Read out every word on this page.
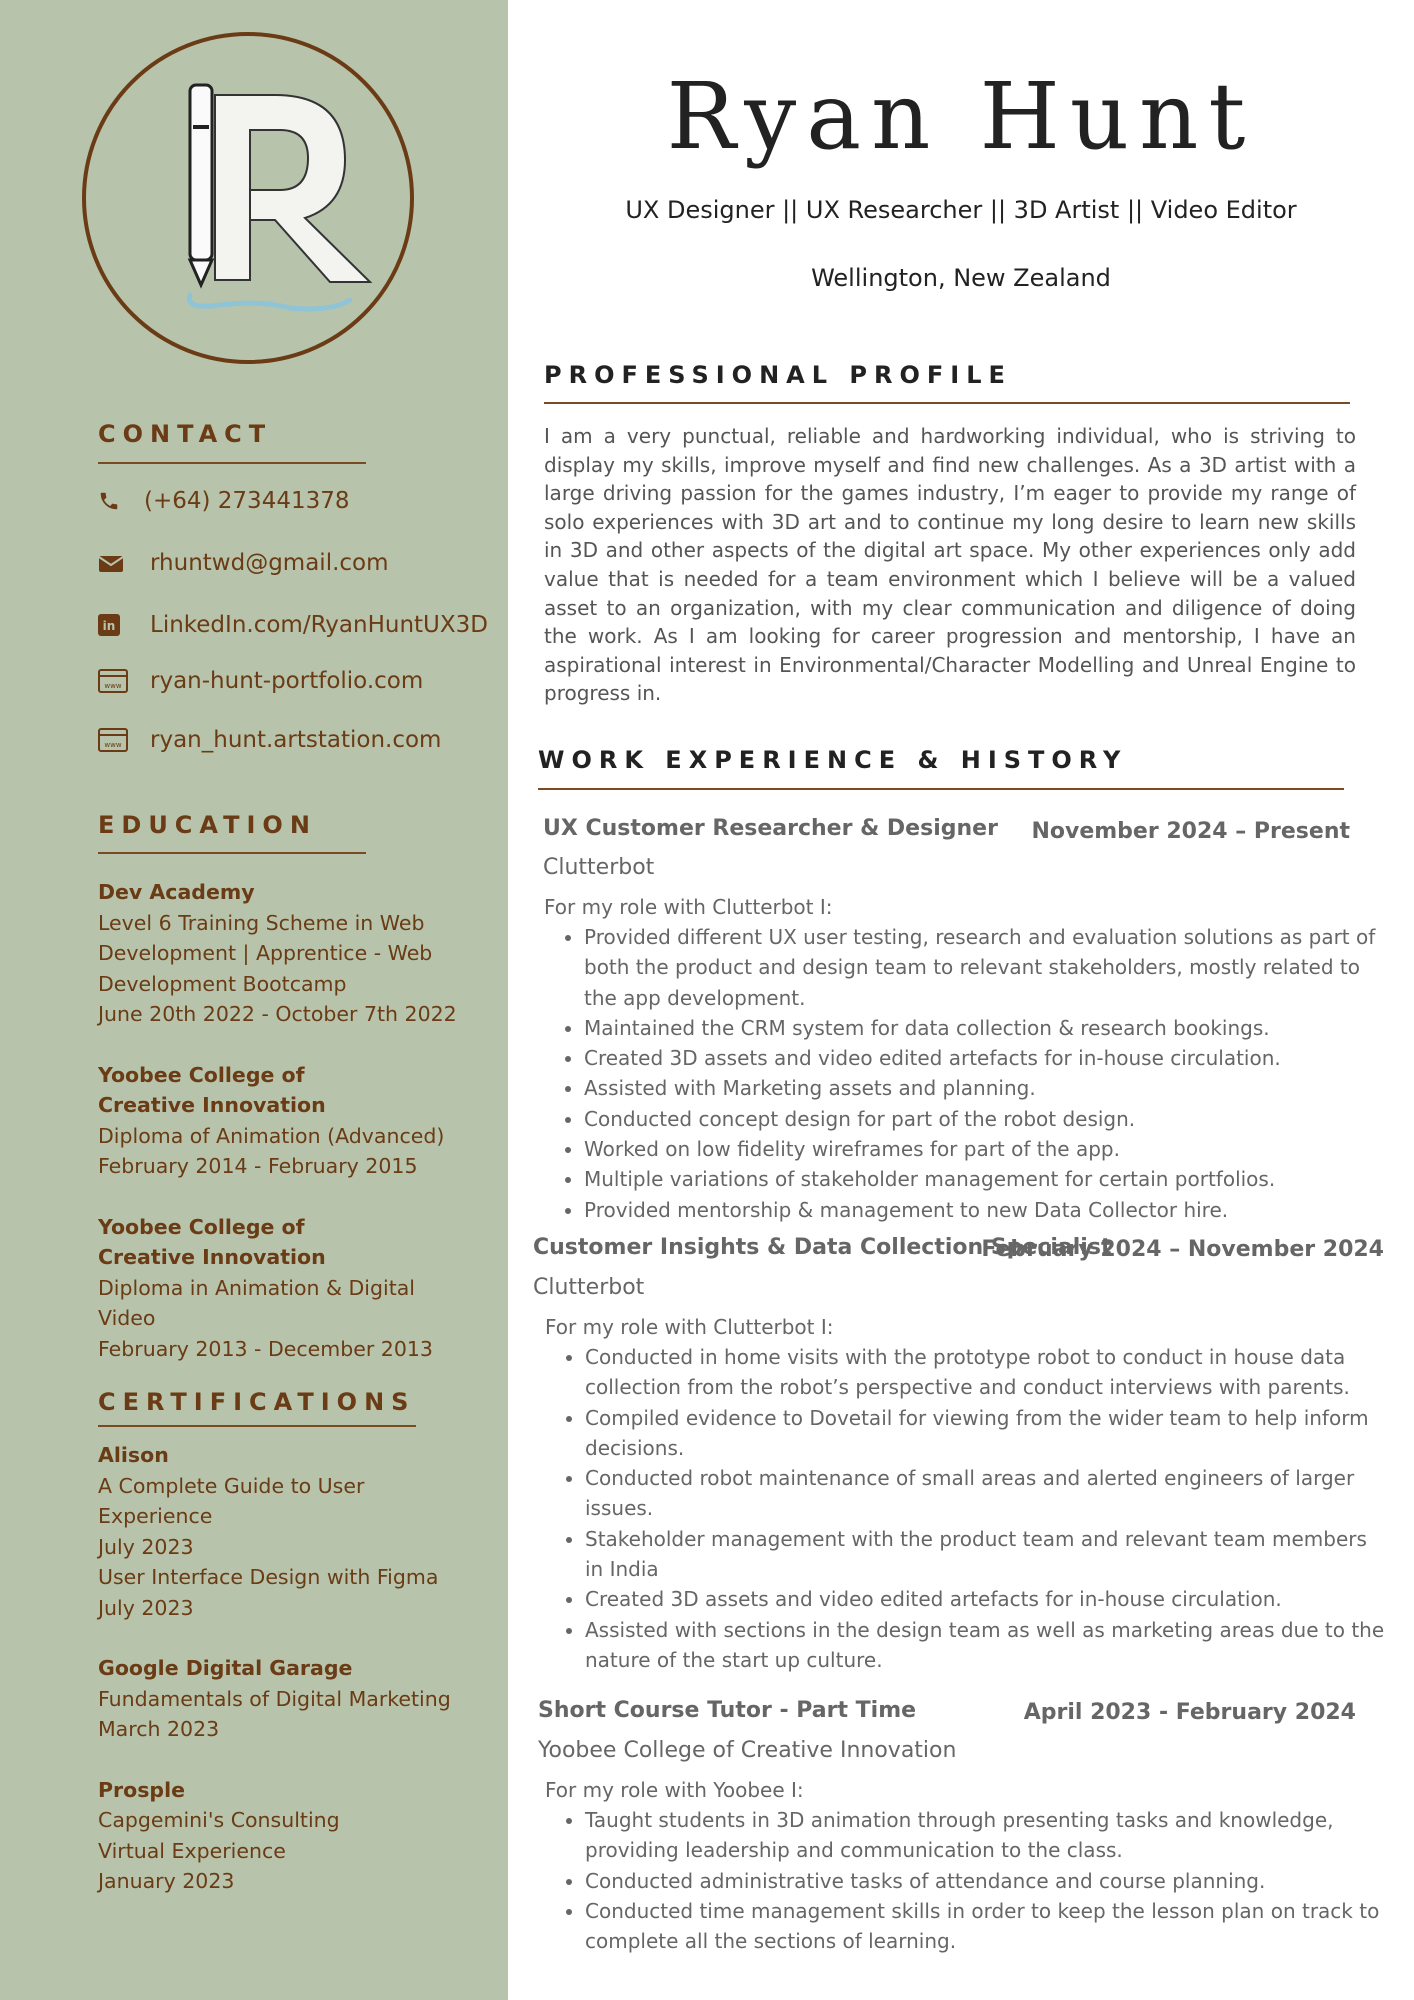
CONTACT
(+64) 273441378
rhuntwd@gmail.com
in LinkedIn.com/RyanHuntUX3D
www ryan-hunt-portfolio.com
www ryan_hunt.artstation.com
EDUCATION
Dev Academy
Level 6 Training Scheme in Web Development | Apprentice - Web Development Bootcamp
June 20th 2022 - October 7th 2022
Yoobee College of Creative Innovation
Diploma of Animation (Advanced)
February 2014 - February 2015
Yoobee College of Creative Innovation
Diploma in Animation & Digital Video
February 2013 - December 2013
CERTIFICATIONS
Alison
A Complete Guide to User Experience
July 2023
User Interface Design with Figma
July 2023
Google Digital Garage
Fundamentals of Digital Marketing
March 2023
Prosple
Capgemini's Consulting Virtual Experience
January 2023
Ryan Hunt
UX Designer || UX Researcher || 3D Artist || Video Editor
Wellington, New Zealand
PROFESSIONAL PROFILE
I am a very punctual, reliable and hardworking individual, who is striving to display my skills, improve myself and find new challenges. As a 3D artist with a large driving passion for the games industry, I’m eager to provide my range of solo experiences with 3D art and to continue my long desire to learn new skills in 3D and other aspects of the digital art space. My other experiences only add value that is needed for a team environment which I believe will be a valued asset to an organization, with my clear communication and diligence of doing the work. As I am looking for career progression and mentorship, I have an aspirational interest in Environmental/Character Modelling and Unreal Engine to progress in.
WORK EXPERIENCE & HISTORY
UX Customer Researcher & Designer November 2024 – Present
Clutterbot
For my role with Clutterbot I:
• Provided different UX user testing, research and evaluation solutions as part of both the product and design team to relevant stakeholders, mostly related to the app development.
• Maintained the CRM system for data collection & research bookings.
• Created 3D assets and video edited artefacts for in-house circulation.
• Assisted with Marketing assets and planning.
• Conducted concept design for part of the robot design.
• Worked on low fidelity wireframes for part of the app.
• Multiple variations of stakeholder management for certain portfolios.
• Provided mentorship & management to new Data Collector hire.
Customer Insights & Data Collection Specialist
February 2024 – November 2024
Clutterbot
For my role with Clutterbot I:
• Conducted in home visits with the prototype robot to conduct in house data collection from the robot’s perspective and conduct interviews with parents.
• Compiled evidence to Dovetail for viewing from the wider team to help inform decisions.
• Conducted robot maintenance of small areas and alerted engineers of larger issues.
• Stakeholder management with the product team and relevant team members in India
• Created 3D assets and video edited artefacts for in-house circulation.
• Assisted with sections in the design team as well as marketing areas due to the nature of the start up culture.
Short Course Tutor - Part Time	April 2023 - February 2024
Yoobee College of Creative Innovation
For my role with Yoobee I:
• Taught students in 3D animation through presenting tasks and knowledge, providing leadership and communication to the class.
• Conducted administrative tasks of attendance and course planning.
• Conducted time management skills in order to keep the lesson plan on track to complete all the sections of learning.
